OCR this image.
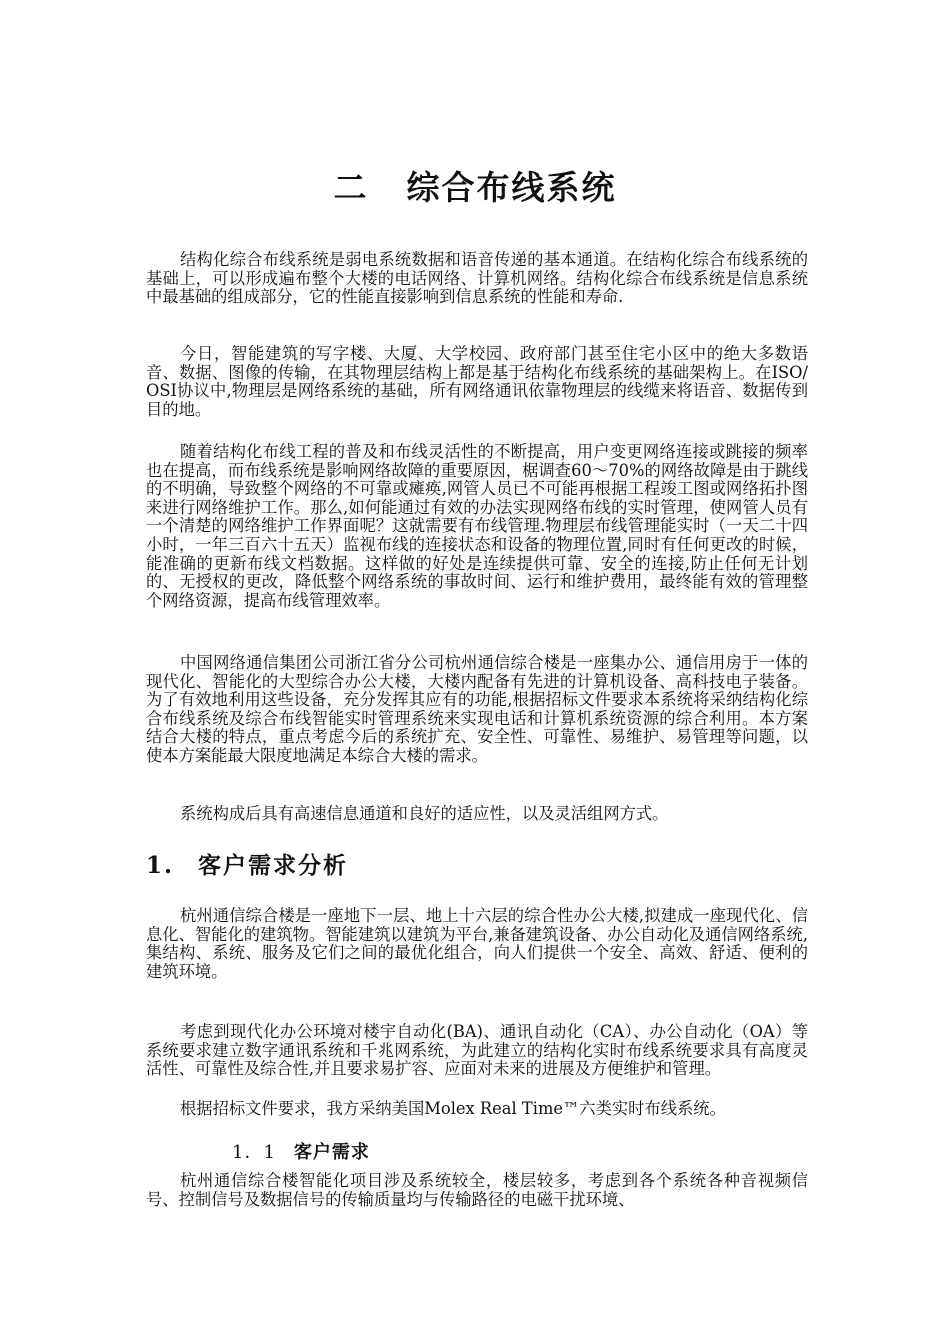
二 综合布线系统

结构化综合布线系统是弱电系统数据和语音传递的基本通道。在结构化综合布线系统的基础上，可以形成遍布整个大楼的电话网络、计算机网络。结构化综合布线系统是信息系统中最基础的组成部分，它的性能直接影响到信息系统的性能和寿命.

今日，智能建筑的写字楼、大厦、大学校园、政府部门甚至住宅小区中的绝大多数语音、数据、图像的传输，在其物理层结构上都是基于结构化布线系统的基础架构上。在ISO/OSI协议中,物理层是网络系统的基础，所有网络通讯依靠物理层的线缆来将语音、数据传到目的地。

随着结构化布线工程的普及和布线灵活性的不断提高，用户变更网络连接或跳接的频率也在提高，而布线系统是影响网络故障的重要原因，椐调查60～70%的网络故障是由于跳线的不明确，导致整个网络的不可靠或瘫痪,网管人员已不可能再根据工程竣工图或网络拓扑图来进行网络维护工作。那么,如何能通过有效的办法实现网络布线的实时管理，使网管人员有一个清楚的网络维护工作界面呢？这就需要有布线管理.物理层布线管理能实时（一天二十四小时，一年三百六十五天）监视布线的连接状态和设备的物理位置,同时有任何更改的时候，能准确的更新布线文档数据。这样做的好处是连续提供可靠、安全的连接,防止任何无计划的、无授权的更改，降低整个网络系统的事故时间、运行和维护费用，最终能有效的管理整个网络资源，提高布线管理效率。

中国网络通信集团公司浙江省分公司杭州通信综合楼是一座集办公、通信用房于一体的现代化、智能化的大型综合办公大楼，大楼内配备有先进的计算机设备、高科技电子装备。为了有效地利用这些设备，充分发挥其应有的功能,根据招标文件要求本系统将采纳结构化综合布线系统及综合布线智能实时管理系统来实现电话和计算机系统资源的综合利用。本方案结合大楼的特点，重点考虑今后的系统扩充、安全性、可靠性、易维护、易管理等问题，以使本方案能最大限度地满足本综合大楼的需求。

系统构成后具有高速信息通道和良好的适应性，以及灵活组网方式。

1. 客户需求分析

杭州通信综合楼是一座地下一层、地上十六层的综合性办公大楼,拟建成一座现代化、信息化、智能化的建筑物。智能建筑以建筑为平台,兼备建筑设备、办公自动化及通信网络系统,集结构、系统、服务及它们之间的最优化组合，向人们提供一个安全、高效、舒适、便利的建筑环境。

考虑到现代化办公环境对楼宇自动化(BA)、通讯自动化（CA）、办公自动化（OA）等系统要求建立数字通讯系统和千兆网系统，为此建立的结构化实时布线系统要求具有高度灵活性、可靠性及综合性,并且要求易扩容、应面对未来的进展及方便维护和管理。

根据招标文件要求，我方采纳美国Molex Real Time™六类实时布线系统。

1．1 客户需求

杭州通信综合楼智能化项目涉及系统较全，楼层较多，考虑到各个系统各种音视频信号、控制信号及数据信号的传输质量均与传输路径的电磁干扰环境、
